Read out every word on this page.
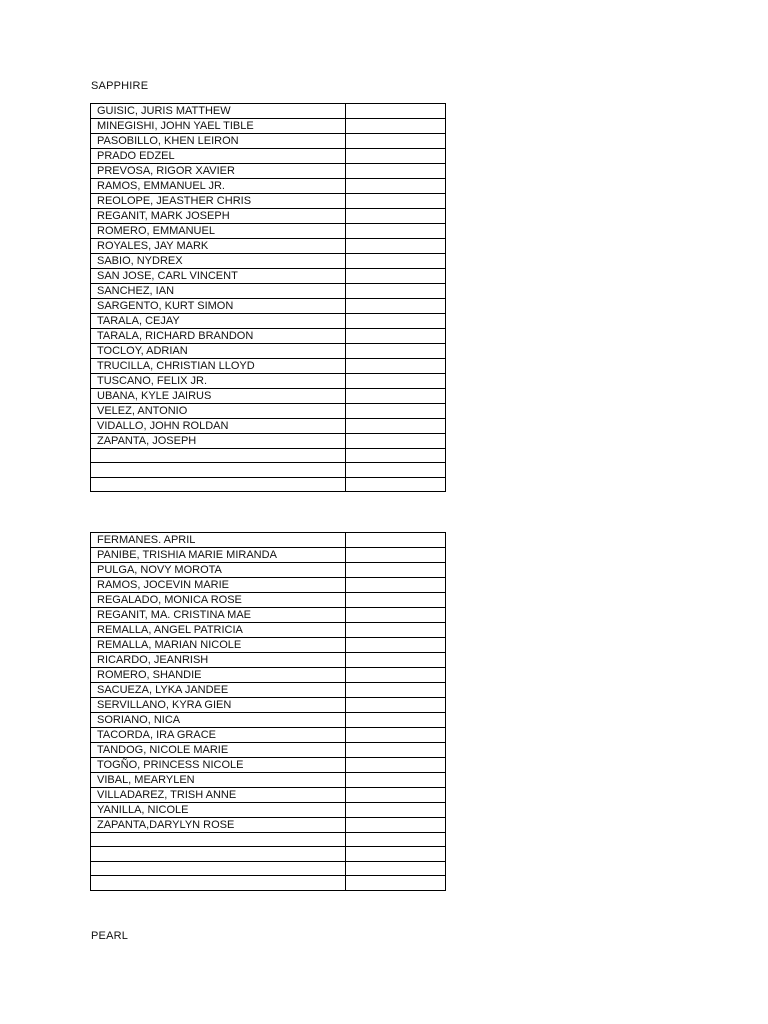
SAPPHIRE
GUISIC, JURIS MATTHEW	
MINEGISHI, JOHN YAEL TIBLE	
PASOBILLO, KHEN LEIRON	
PRADO EDZEL	
PREVOSA, RIGOR XAVIER	
RAMOS, EMMANUEL JR.	
REOLOPE, JEASTHER CHRIS	
REGANIT, MARK JOSEPH	
ROMERO, EMMANUEL	
ROYALES, JAY MARK	
SABIO, NYDREX	
SAN JOSE, CARL VINCENT	
SANCHEZ, IAN	
SARGENTO, KURT SIMON	
TARALA, CEJAY	
TARALA, RICHARD BRANDON	
TOCLOY, ADRIAN	
TRUCILLA, CHRISTIAN LLOYD	
TUSCANO, FELIX JR.	
UBANA, KYLE JAIRUS	
VELEZ, ANTONIO	
VIDALLO, JOHN ROLDAN	
ZAPANTA, JOSEPH	

FERMANES. APRIL	
PANIBE, TRISHIA MARIE MIRANDA	
PULGA, NOVY MOROTA	
RAMOS, JOCEVIN MARIE	
REGALADO, MONICA ROSE	
REGANIT, MA. CRISTINA MAE	
REMALLA, ANGEL PATRICIA	
REMALLA, MARIAN NICOLE	
RICARDO, JEANRISH	
ROMERO, SHANDIE	
SACUEZA, LYKA JANDEE	
SERVILLANO, KYRA GIEN	
SORIANO, NICA	
TACORDA, IRA GRACE	
TANDOG, NICOLE MARIE	
TOGÑO, PRINCESS NICOLE	
VIBAL, MEARYLEN	
VILLADAREZ, TRISH ANNE	
YANILLA, NICOLE	
ZAPANTA,DARYLYN ROSE	

PEARL
